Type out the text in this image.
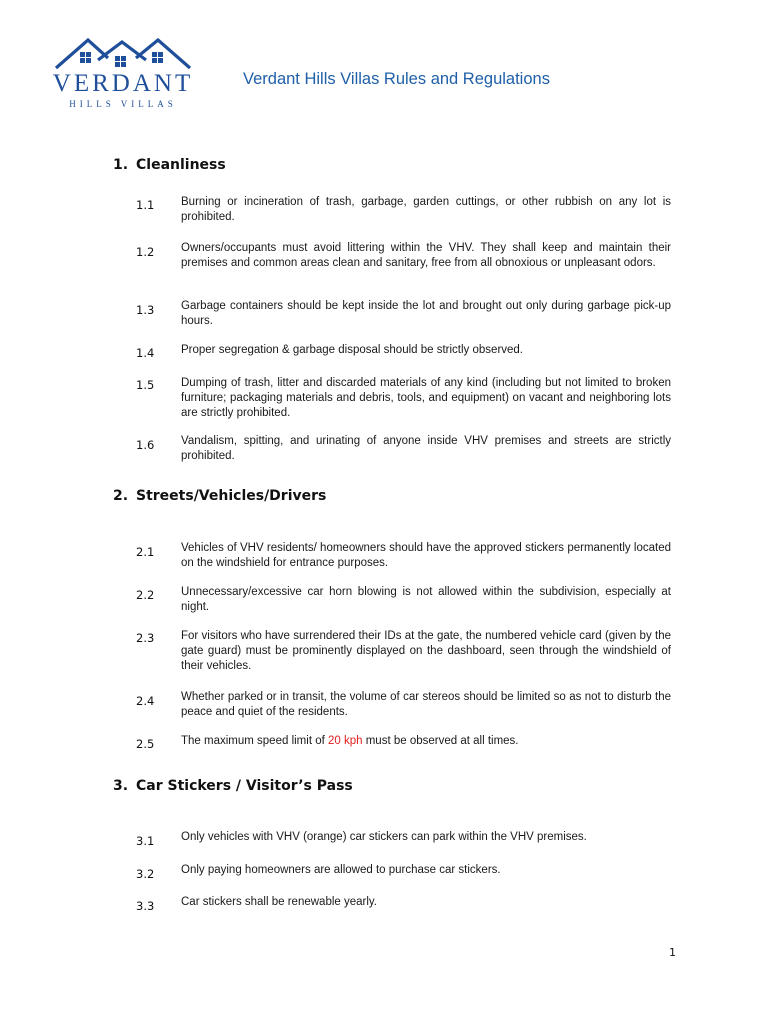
VERDANT
HILLS VILLAS
Verdant Hills Villas Rules and Regulations
1. Cleanliness
1.1 Burning or incineration of trash, garbage, garden cuttings, or other rubbish on any lot is prohibited.
1.2 Owners/occupants must avoid littering within the VHV. They shall keep and maintain their premises and common areas clean and sanitary, free from all obnoxious or unpleasant odors.
1.3 Garbage containers should be kept inside the lot and brought out only during garbage pick-up hours.
1.4 Proper segregation & garbage disposal should be strictly observed.
1.5 Dumping of trash, litter and discarded materials of any kind (including but not limited to broken furniture; packaging materials and debris, tools, and equipment) on vacant and neighboring lots are strictly prohibited.
1.6 Vandalism, spitting, and urinating of anyone inside VHV premises and streets are strictly prohibited.
2. Streets/Vehicles/Drivers
2.1 Vehicles of VHV residents/ homeowners should have the approved stickers permanently located on the windshield for entrance purposes.
2.2 Unnecessary/excessive car horn blowing is not allowed within the subdivision, especially at night.
2.3 For visitors who have surrendered their IDs at the gate, the numbered vehicle card (given by the gate guard) must be prominently displayed on the dashboard, seen through the windshield of their vehicles.
2.4 Whether parked or in transit, the volume of car stereos should be limited so as not to disturb the peace and quiet of the residents.
2.5 The maximum speed limit of 20 kph must be observed at all times.
3. Car Stickers / Visitor’s Pass
3.1 Only vehicles with VHV (orange) car stickers can park within the VHV premises.
3.2 Only paying homeowners are allowed to purchase car stickers.
3.3 Car stickers shall be renewable yearly.
1
